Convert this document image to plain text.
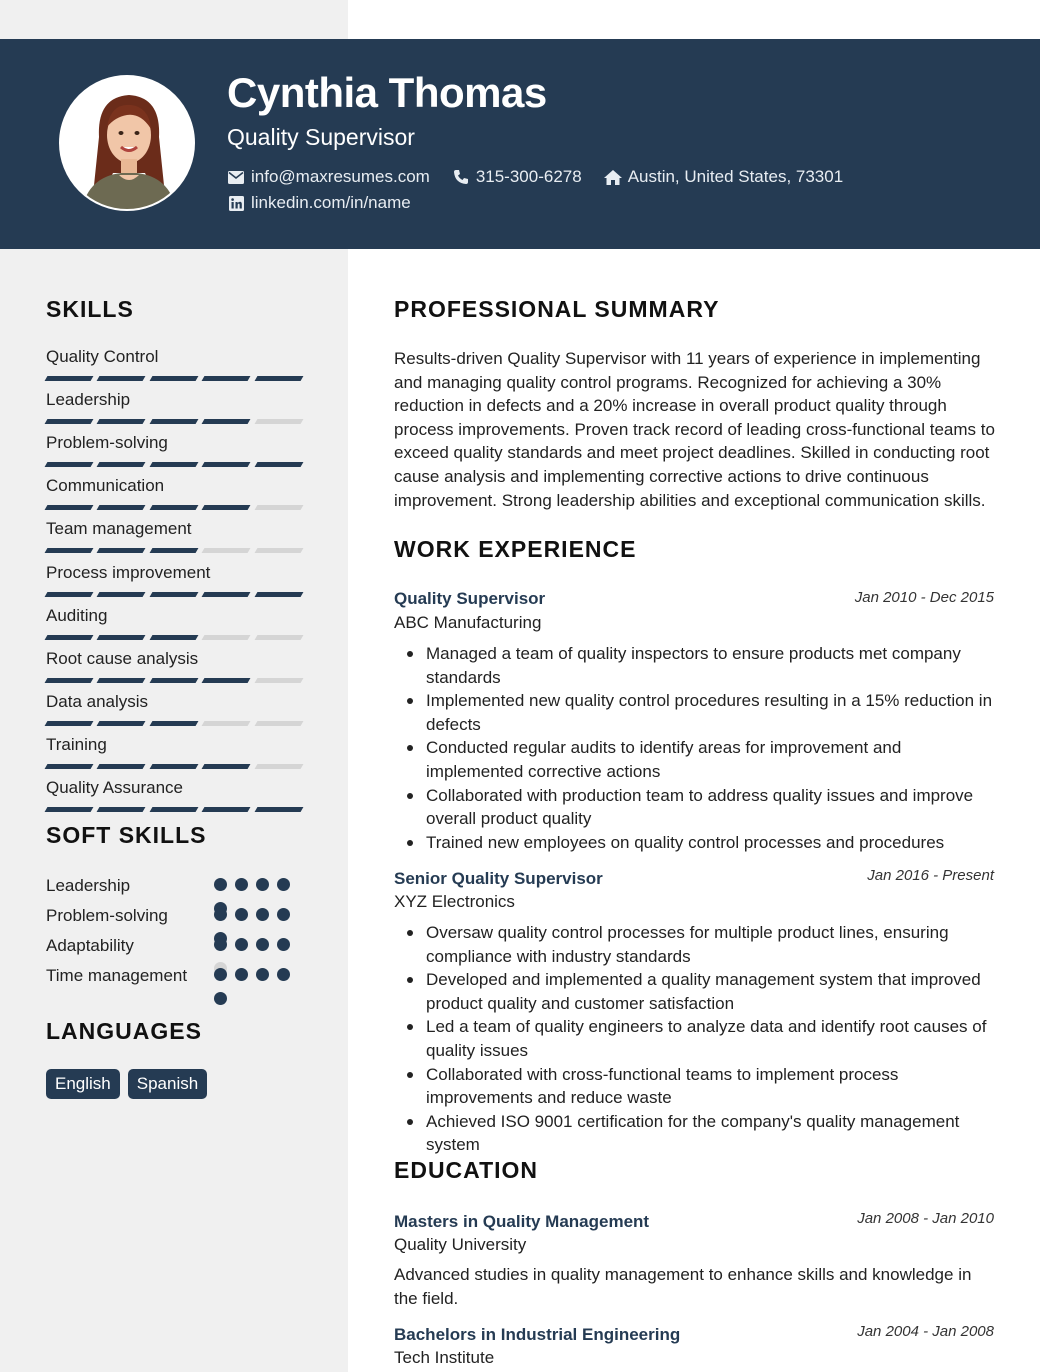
Cynthia Thomas
Quality Supervisor
info@maxresumes.com	315-300-6278	Austin, United States, 73301
linkedin.com/in/name
SKILLS
Quality Control
Leadership
Problem-solving
Communication
Team management
Process improvement
Auditing
Root cause analysis
Data analysis
Training
Quality Assurance
SOFT SKILLS
Leadership
Problem-solving
Adaptability
Time management
LANGUAGES
English	Spanish
PROFESSIONAL SUMMARY
Results-driven Quality Supervisor with 11 years of experience in implementing and managing quality control programs. Recognized for achieving a 30% reduction in defects and a 20% increase in overall product quality through process improvements. Proven track record of leading cross-functional teams to exceed quality standards and meet project deadlines. Skilled in conducting root cause analysis and implementing corrective actions to drive continuous improvement. Strong leadership abilities and exceptional communication skills.
WORK EXPERIENCE
Quality Supervisor	Jan 2010 - Dec 2015
ABC Manufacturing
Managed a team of quality inspectors to ensure products met company standards
Implemented new quality control procedures resulting in a 15% reduction in defects
Conducted regular audits to identify areas for improvement and implemented corrective actions
Collaborated with production team to address quality issues and improve overall product quality
Trained new employees on quality control processes and procedures
Senior Quality Supervisor	Jan 2016 - Present
XYZ Electronics
Oversaw quality control processes for multiple product lines, ensuring compliance with industry standards
Developed and implemented a quality management system that improved product quality and customer satisfaction
Led a team of quality engineers to analyze data and identify root causes of quality issues
Collaborated with cross-functional teams to implement process improvements and reduce waste
Achieved ISO 9001 certification for the company's quality management system
EDUCATION
Masters in Quality Management	Jan 2008 - Jan 2010
Quality University
Advanced studies in quality management to enhance skills and knowledge in the field.
Bachelors in Industrial Engineering	Jan 2004 - Jan 2008
Tech Institute
